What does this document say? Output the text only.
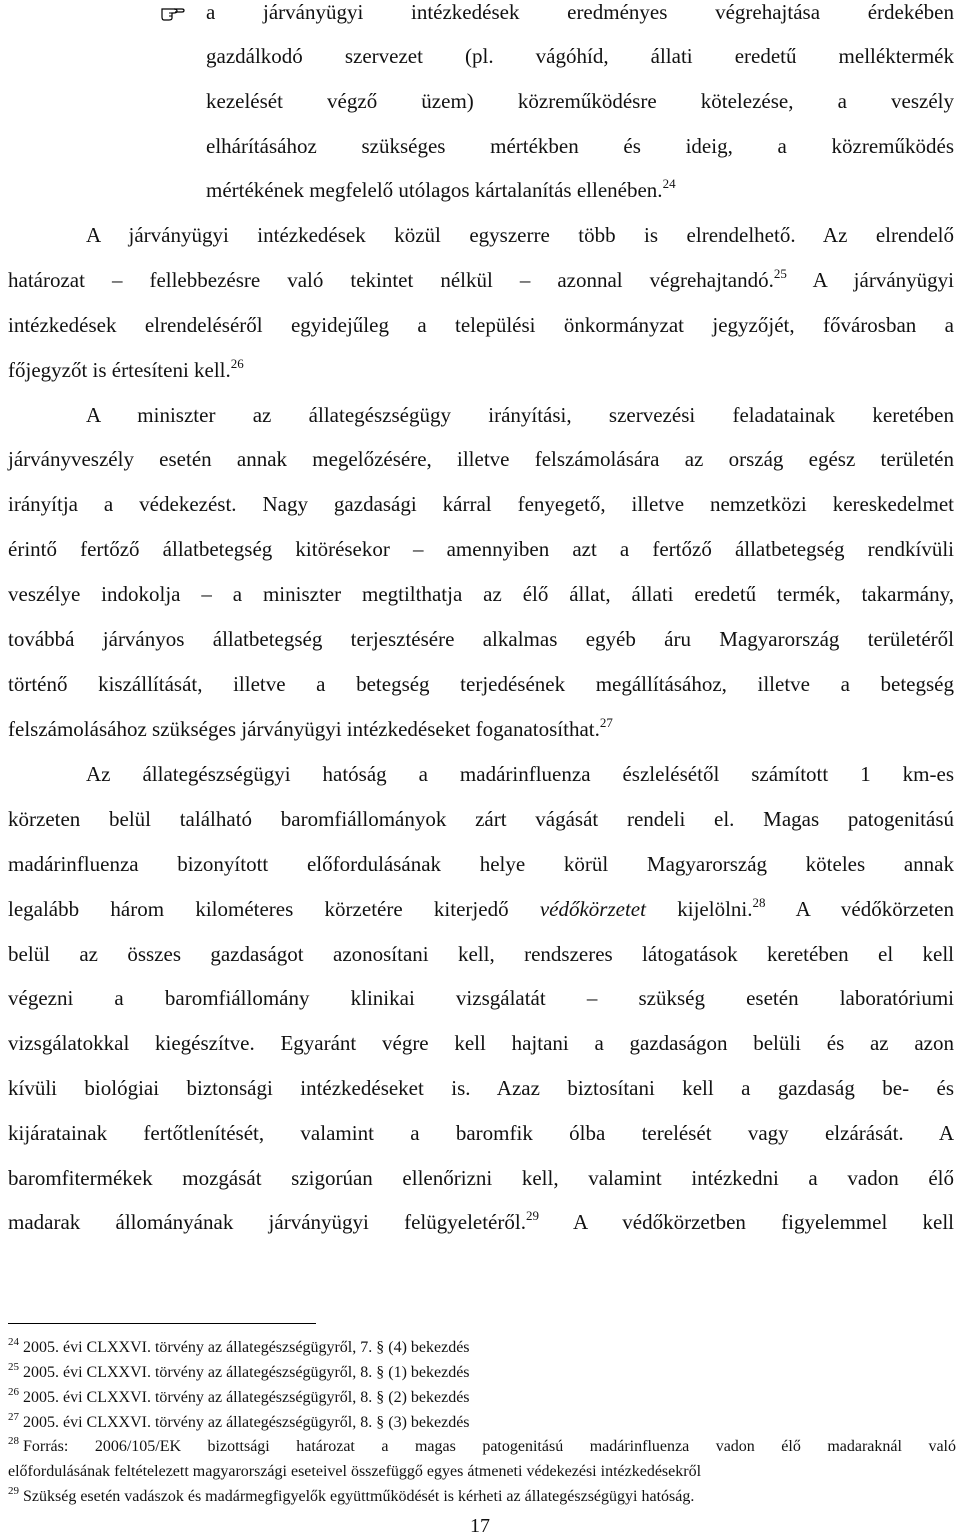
a járványügyi intézkedések eredményes végrehajtása érdekében
gazdálkodó szervezet (pl. vágóhíd, állati eredetű melléktermék
kezelését végző üzem) közreműködésre kötelezése, a veszély
elhárításához szükséges mértékben és ideig, a közreműködés
mértékének megfelelő utólagos kártalanítás ellenében.$^{24}$
A járványügyi intézkedések közül egyszerre több is elrendelhető. Az elrendelő
határozat – fellebbezésre való tekintet nélkül – azonnal végrehajtandó.$^{25}$ A járványügyi
intézkedések elrendeléséről egyidejűleg a települési önkormányzat jegyzőjét, fővárosban a
főjegyzőt is értesíteni kell.$^{26}$
A miniszter az állategészségügy irányítási, szervezési feladatainak keretében
járványveszély esetén annak megelőzésére, illetve felszámolására az ország egész területén
irányítja a védekezést. Nagy gazdasági kárral fenyegető, illetve nemzetközi kereskedelmet
érintő fertőző állatbetegség kitörésekor – amennyiben azt a fertőző állatbetegség rendkívüli
veszélye indokolja – a miniszter megtilthatja az élő állat, állati eredetű termék, takarmány,
továbbá járványos állatbetegség terjesztésére alkalmas egyéb áru Magyarország területéről
történő kiszállítását, illetve a betegség terjedésének megállításához, illetve a betegség
felszámolásához szükséges járványügyi intézkedéseket foganatosíthat.$^{27}$
Az állategészségügyi hatóság a madárinfluenza észlelésétől számított 1 km-es
körzeten belül található baromfiállományok zárt vágását rendeli el. Magas patogenitású
madárinfluenza bizonyított előfordulásának helye körül Magyarország köteles annak
legalább három kilométeres körzetére kiterjedő védőkörzetet kijelölni.$^{28}$ A védőkörzeten
belül az összes gazdaságot azonosítani kell, rendszeres látogatások keretében el kell
végezni a baromfiállomány klinikai vizsgálatát – szükség esetén laboratóriumi
vizsgálatokkal kiegészítve. Egyaránt végre kell hajtani a gazdaságon belüli és az azon
kívüli biológiai biztonsági intézkedéseket is. Azaz biztosítani kell a gazdaság be- és
kijáratainak fertőtlenítését, valamint a baromfik ólba terelését vagy elzárását. A
baromfitermékek mozgását szigorúan ellenőrizni kell, valamint intézkedni a vadon élő
madarak állományának járványügyi felügyeletéről.$^{29}$ A védőkörzetben figyelemmel kell
$^{24}$ 2005. évi CLXXVI. törvény az állategészségügyről, 7. § (4) bekezdés
$^{25}$ 2005. évi CLXXVI. törvény az állategészségügyről, 8. § (1) bekezdés
$^{26}$ 2005. évi CLXXVI. törvény az állategészségügyről, 8. § (2) bekezdés
$^{27}$ 2005. évi CLXXVI. törvény az állategészségügyről, 8. § (3) bekezdés
$^{28}$ Forrás: 2006/105/EK bizottsági határozat a magas patogenitású madárinfluenza vadon élő madaraknál való
előfordulásának feltételezett magyarországi eseteivel összefüggő egyes átmeneti védekezési intézkedésekről
$^{29}$ Szükség esetén vadászok és madármegfigyelők együttműködését is kérheti az állategészségügyi hatóság.
17
